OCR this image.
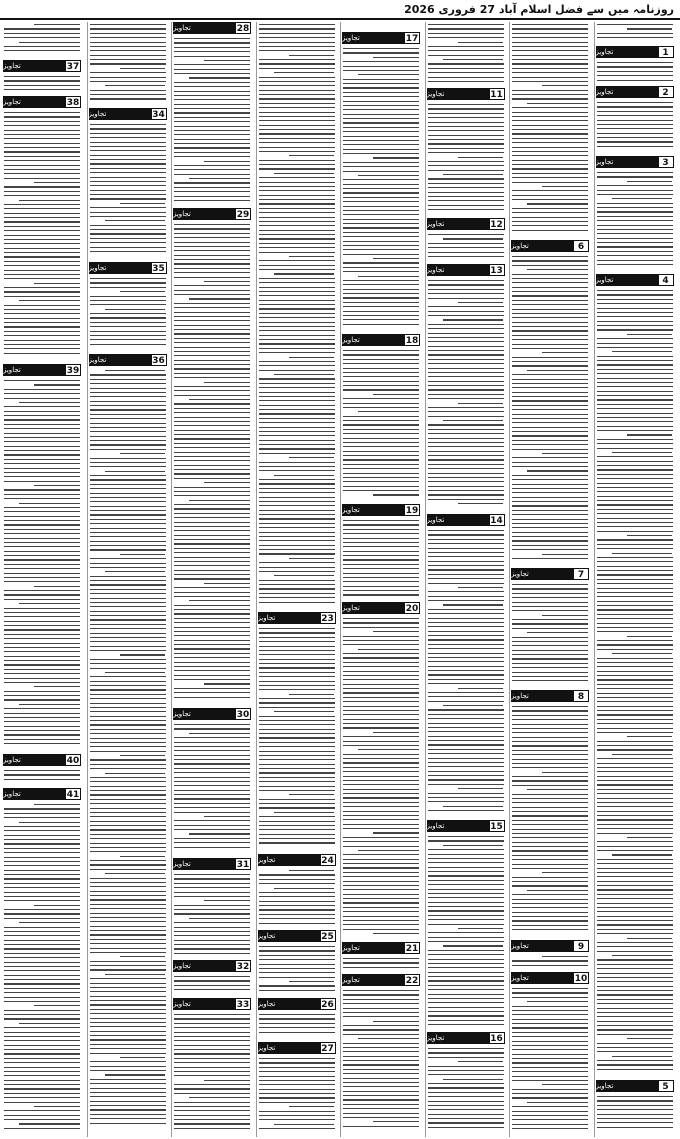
روزنامہ میں سے فضل اسلام آباد 27 فروری 2026
تجاویز	37
تجاویز	38
تجاویز	39
تجاویز	40
تجاویز	41
تجاویز	34
تجاویز	35
تجاویز	36
تجاویز	28
تجاویز	29
تجاویز	30
تجاویز	31
تجاویز	32
تجاویز	33
تجاویز	23
تجاویز	24
تجاویز	25
تجاویز	26
تجاویز	27
تجاویز	17
تجاویز	18
تجاویز	19
تجاویز	20
تجاویز	21
تجاویز	22
تجاویز	11
تجاویز	12
تجاویز	13
تجاویز	14
تجاویز	15
تجاویز	16
تجاویز	6
تجاویز	7
تجاویز	8
تجاویز	9
تجاویز	10
تجاویز	1
تجاویز	2
تجاویز	3
تجاویز	4
تجاویز	5
